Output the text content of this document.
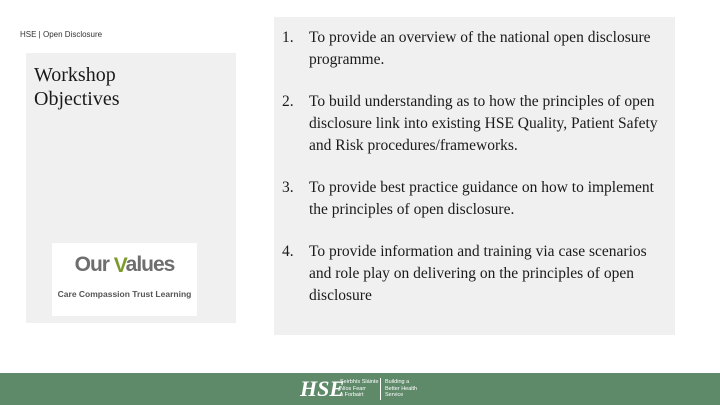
HSE | Open Disclosure
Workshop
Objectives
Our Values
Care Compassion Trust Learning
1. To provide an overview of the national open disclosure programme.
2. To build understanding as to how the principles of open disclosure link into existing HSE Quality, Patient Safety and Risk procedures/frameworks.
3. To provide best practice guidance on how to implement the principles of open disclosure.
4. To provide information and training via case scenarios and role play on delivering on the principles of open disclosure
HSE
Seirbhís Sláinte
Níos Fearr
á Forbairt
Building a
Better Health
Service
